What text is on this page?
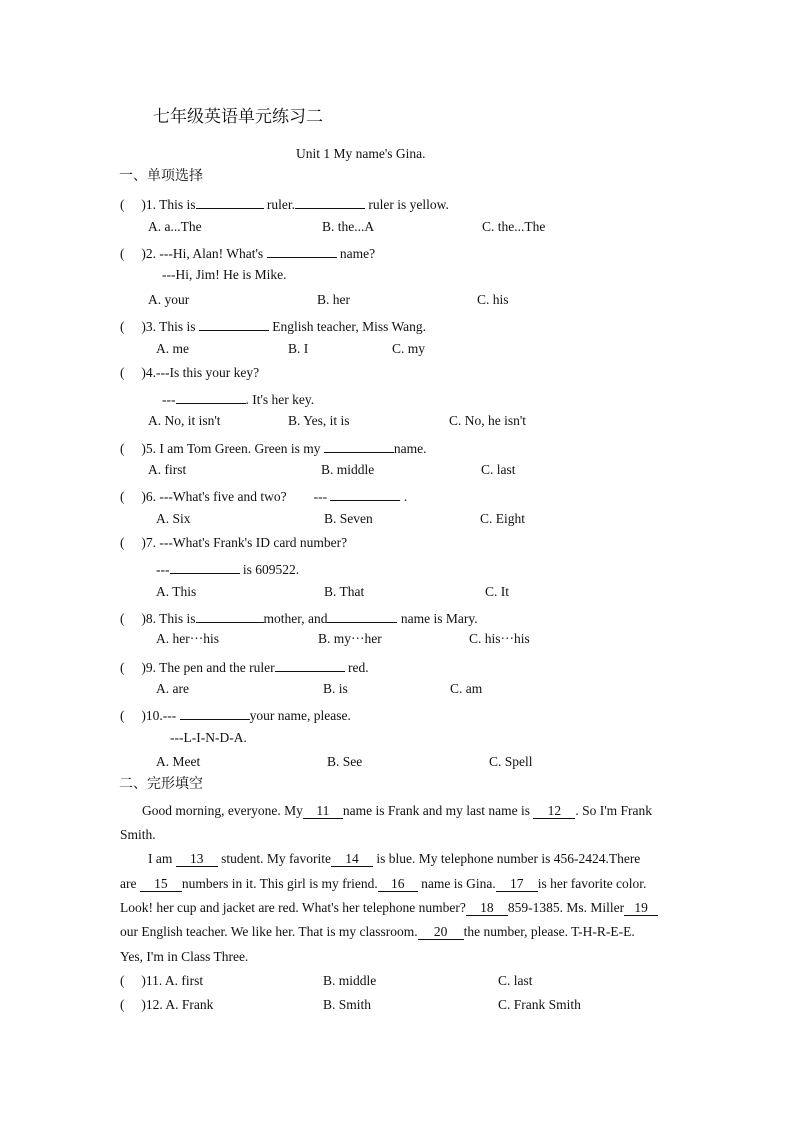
七年级英语单元练习二
Unit 1 My name's Gina.
一、单项选择
(     )1. This is	ruler.	ruler is yellow.
A. a...The	B. the...A	C. the...The
(     )2. ---Hi, Alan! What's	name?
---Hi, Jim! He is Mike.
A. your	B. her	C. his
(     )3. This is	English teacher, Miss Wang.
A. me	B. I	C. my
(     )4.---Is this your key?
---	. It's her key.
A. No, it isn't	B. Yes, it is	C. No, he isn't
(     )5. I am Tom Green. Green is my	name.
A. first	B. middle	C. last
(     )6. ---What's five and two?        ---	.
A. Six	B. Seven	C. Eight
(     )7. ---What's Frank's ID card number?
---	is 609522.
A. This	B. That	C. It
(     )8. This is	mother, and	name is Mary.
A. her···his	B. my···her	C. his···his
(     )9. The pen and the ruler	red.
A. are	B. is	C. am
(     )10.---	your name, please.
---L-I-N-D-A.
A. Meet	B. See	C. Spell
二、完形填空
Good morning, everyone. My 11 name is Frank and my last name is 12 . So I'm Frank
Smith.
I am 13 student. My favorite 14 is blue. My telephone number is 456-2424.There
are 15 numbers in it. This girl is my friend. 16 name is Gina. 17 is her favorite color.
Look! her cup and jacket are red. What's her telephone number? 18 859-1385. Ms. Miller 19
our English teacher. We like her. That is my classroom. 20 the number, please. T-H-R-E-E.
Yes, I'm in Class Three.
(     )11. A. first	B. middle	C. last
(     )12. A. Frank	B. Smith	C. Frank Smith
